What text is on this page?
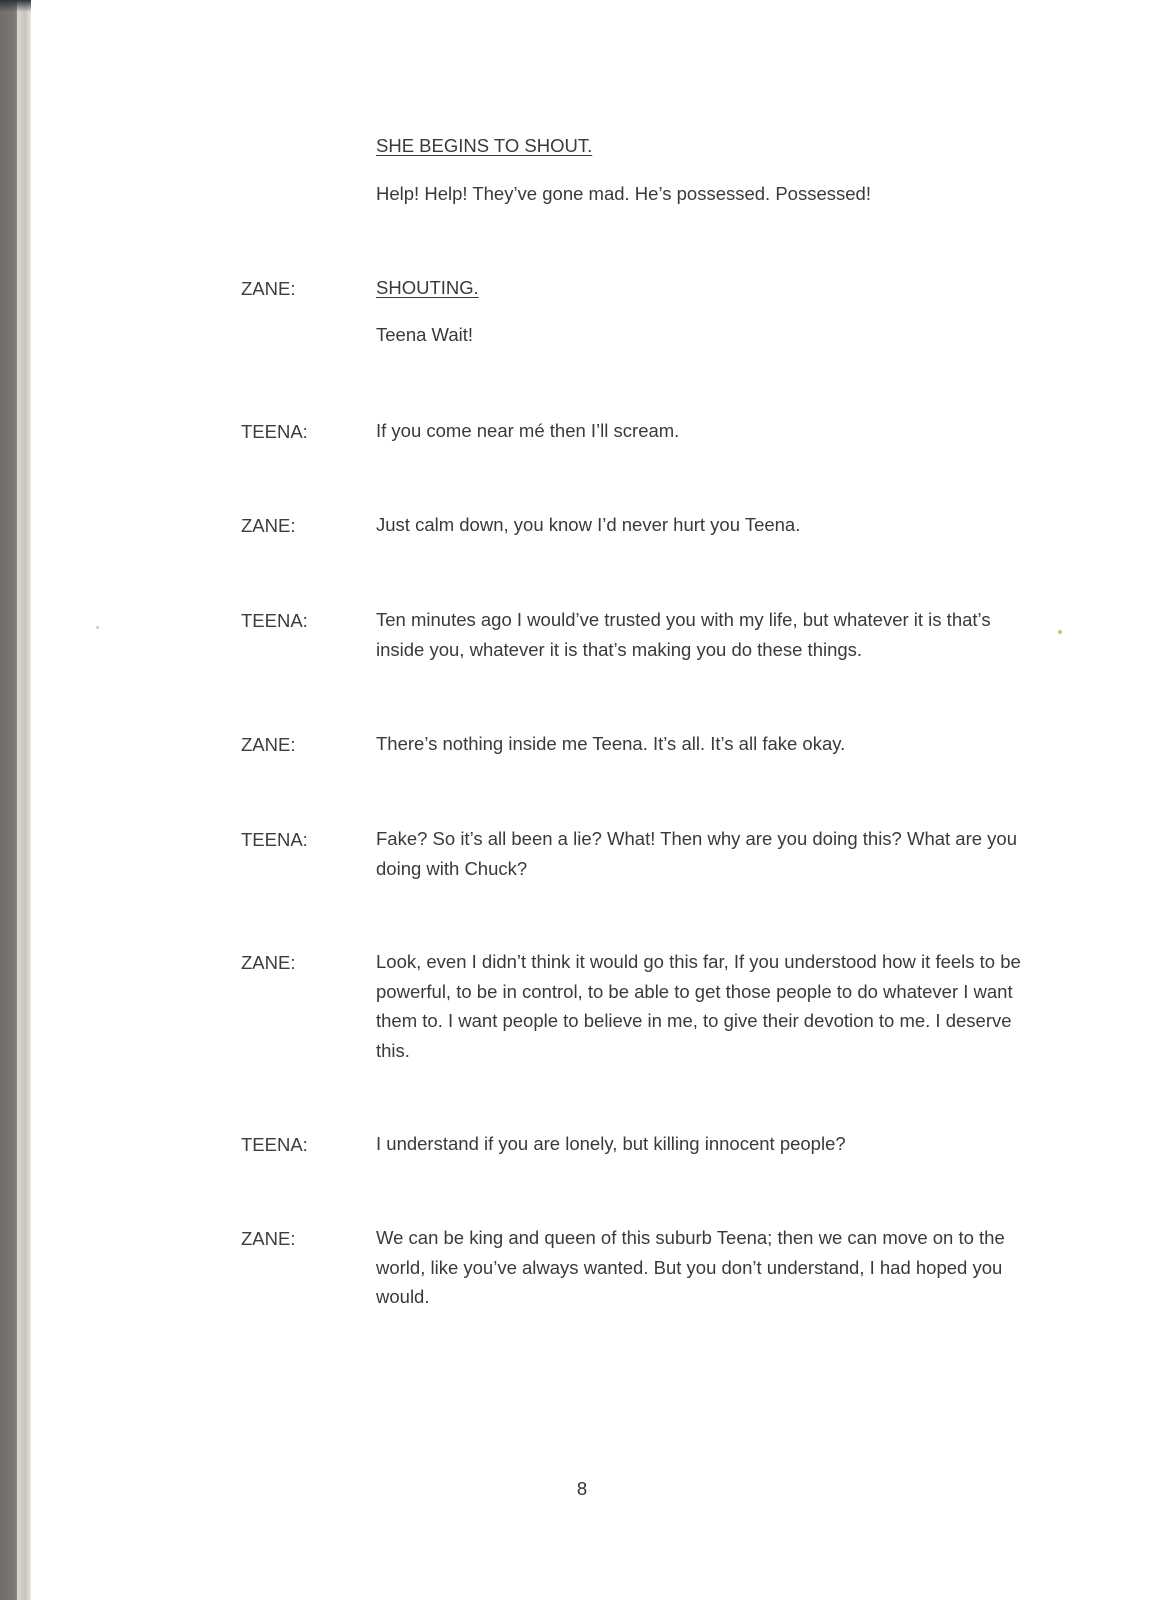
SHE BEGINS TO SHOUT.
Help! Help! They’ve gone mad. He’s possessed. Possessed!
ZANE:	SHOUTING.
Teena Wait!
TEENA:	If you come near mé then I’ll scream.
ZANE:	Just calm down, you know I’d never hurt you Teena.
TEENA:	Ten minutes ago I would’ve trusted you with my life, but whatever it is that’s inside you, whatever it is that’s making you do these things.
ZANE:	There’s nothing inside me Teena. It’s all. It’s all fake okay.
TEENA:	Fake? So it’s all been a lie? What! Then why are you doing this? What are you doing with Chuck?
ZANE:	Look, even I didn’t think it would go this far, If you understood how it feels to be powerful, to be in control, to be able to get those people to do whatever I want them to. I want people to believe in me, to give their devotion to me. I deserve this.
TEENA:	I understand if you are lonely, but killing innocent people?
ZANE:	We can be king and queen of this suburb Teena; then we can move on to the world, like you’ve always wanted. But you don’t understand, I had hoped you would.
8
